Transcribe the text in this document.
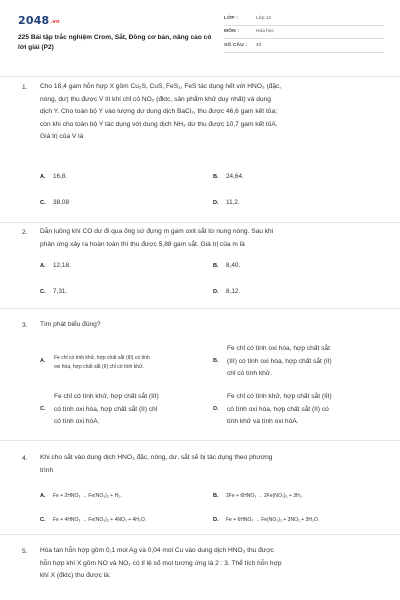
2048.vn
225 Bài tập trắc nghiệm Crom, Sắt, Đồng cơ bản, nâng cao có lời giải (P2)
LỚP :	Lớp 12
MÔN :	Hóa học
SỐ CÂU :	40
1. Cho 18,4 gam hỗn hợp X gồm Cu₂S, CuS, FeS₂, FeS tác dụng hết với HNO₃ (đặc,
nóng, dư) thu được V lít khí chỉ có NO₂ (đktc, sản phẩm khử duy nhất) và dung
dịch Y. Cho toàn bộ Y vào lượng dư dung dịch BaCl₂, thu được 46,6 gam kết tủa;
còn khi cho toàn bộ Y tác dụng với dung dịch NH₃ dư thu được 10,7 gam kết tủA.
Giá trị của V là
A. 16,8.	B. 24,64.
C. 38,08	D. 11,2.
2. Dẫn luồng khí CO dư đi qua ống sứ đựng m gam oxit sắt từ nung nóng. Sau khi
phản ứng xảy ra hoàn toàn thì thu được 5,88 gam sắt. Giá trị của m là
A. 12,18.	B. 8,40.
C. 7,31.	D. 8,12.
3. Tìm phát biểu đúng?
A. Fe chỉ có tính khử, hợp chất sắt (III) có tính
oxi hóa, hợp chất sắt (II) chỉ có tính khử.
B.
Fe chỉ có tính oxi hóa, hợp chất sắt
(III) có tính oxi hóa, hợp chất sắt (II)
chỉ có tính khử.
C.
Fe chỉ có tính khử, hợp chất sắt (III)
có tính oxi hóa, hợp chất sắt (II) chỉ
có tính oxi hóA.
D.
Fe chỉ có tính khử, hợp chất sắt (III)
có tính oxi hóa, hợp chất sắt (II) có
tính khử và tính oxi hóA.
4. Khi cho sắt vào dung dịch HNO₃ đặc, nóng, dư, sắt sẽ bị tác dụng theo phương
trình
A. Fe + 2HNO₃ → Fe(NO₃)₂ + H₂.	B. 2Fe + 6HNO₃ → 2Fe(NO₃)₃ + 3H₂.
C. Fe + 4HNO₃ → Fe(NO₃)₂ + 4NO₂ + 4H₂O.	D. Fe + 6HNO₃ → Fe(NO₃)₃ + 3NO₂ + 3H₂O.
5. Hòa tan hỗn hợp gồm 0,1 mol Ag và 0,04 mol Cu vào dung dịch HNO₃ thu được
hỗn hợp khí X gồm NO và NO₂ có tỉ lệ số mol tương ứng là 2 : 3. Thể tích hỗn hợp
khí X (đktc) thu được là:
